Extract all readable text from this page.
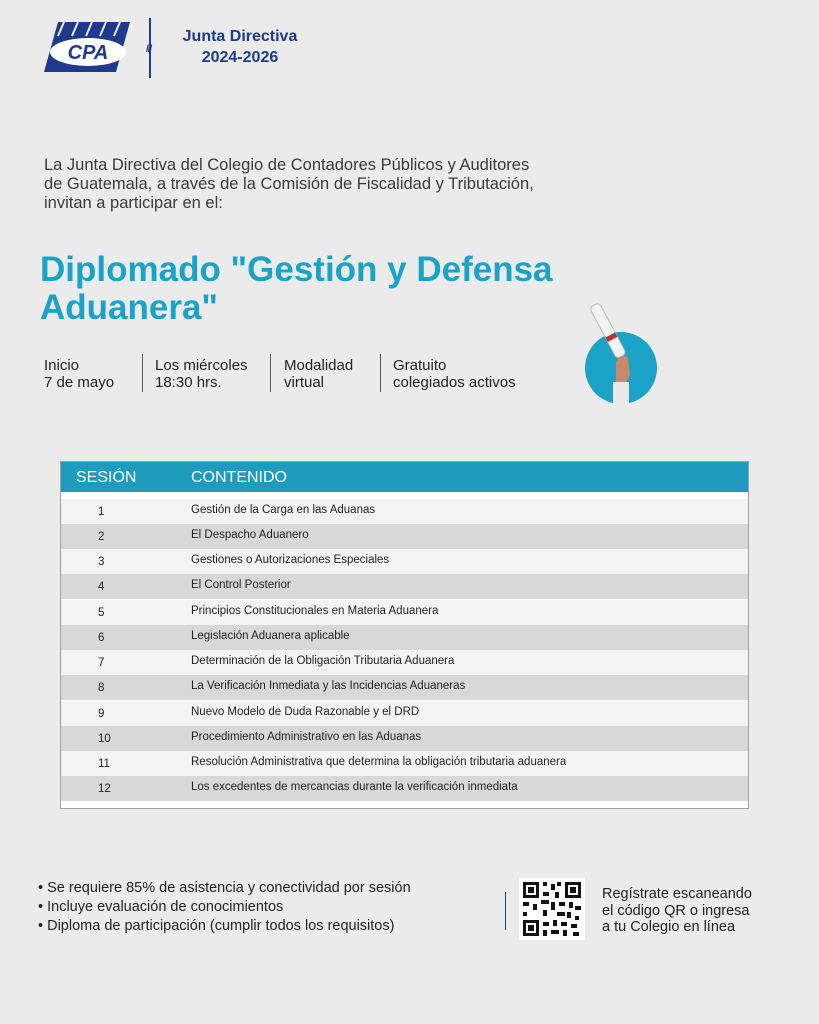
CPA	///
Junta Directiva
2024-2026
La Junta Directiva del Colegio de Contadores Públicos y Auditores
de Guatemala, a través de la Comisión de Fiscalidad y Tributación,
invitan a participar en el:
Diplomado "Gestión y Defensa
Aduanera"
Inicio
7 de mayo
Los miércoles
18:30 hrs.
Modalidad
virtual
Gratuito
colegiados activos
SESIÓN	CONTENIDO
1	Gestión de la Carga en las Aduanas
2	El Despacho Aduanero
3	Gestiones o Autorizaciones Especiales
4	El Control Posterior
5	Principios Constitucionales en Materia Aduanera
6	Legislación Aduanera aplicable
7	Determinación de la Obligación Tributaria Aduanera
8	La Verificación Inmediata y las Incidencias Aduaneras
9	Nuevo Modelo de Duda Razonable y el DRD
10	Procedimiento Administrativo en las Aduanas
11	Resolución Administrativa que determina la obligación tributaria aduanera
12	Los excedentes de mercancias durante la verificación inmediata
• Se requiere 85% de asistencia y conectividad por sesión
• Incluye evaluación de conocimientos
• Diploma de participación (cumplir todos los requisitos)
Regístrate escaneando
el código QR o ingresa
a tu Colegio en línea
